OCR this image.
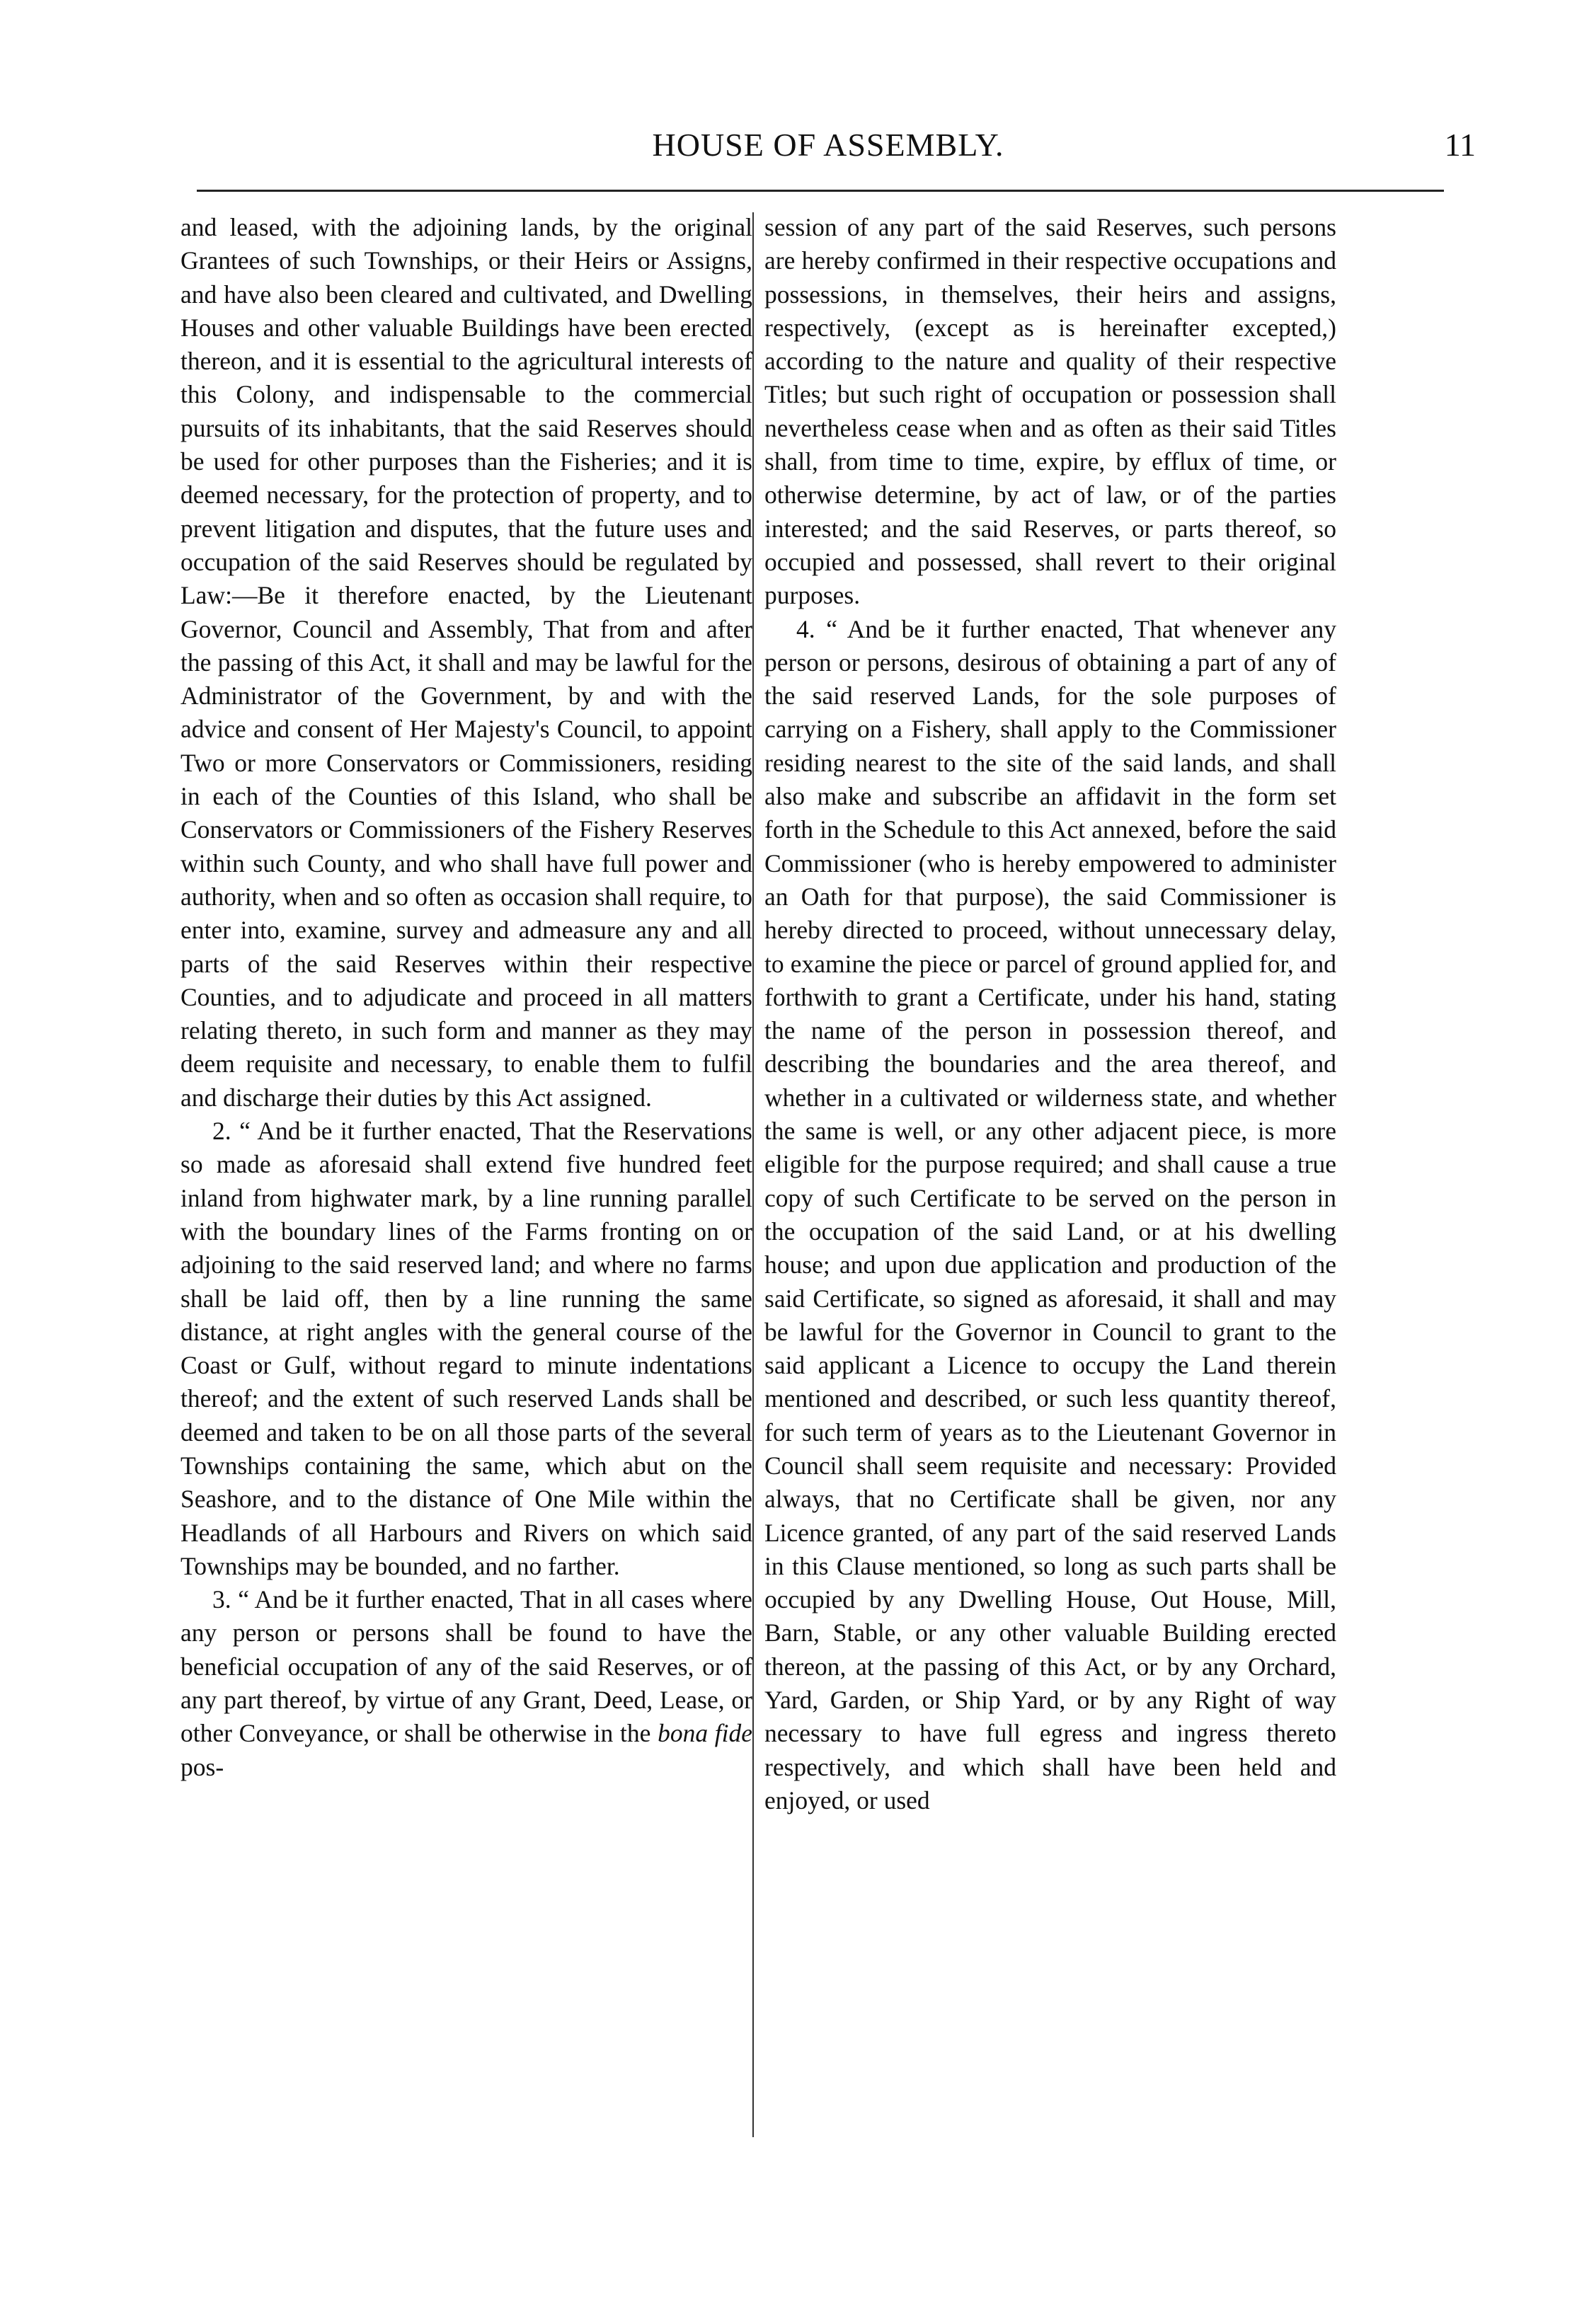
HOUSE OF ASSEMBLY.	11

and leased, with the adjoining lands, by the original Grantees of such Townships, or their Heirs or Assigns, and have also been cleared and cultivated, and Dwelling Houses and other valuable Buildings have been erected thereon, and it is essential to the agricultural interests of this Colony, and indispensable to the commercial pursuits of its inhabitants, that the said Reserves should be used for other purposes than the Fisheries; and it is deemed necessary, for the protection of property, and to prevent litigation and disputes, that the future uses and occupation of the said Reserves should be regulated by Law:—Be it therefore enacted, by the Lieutenant Governor, Council and Assembly, That from and after the passing of this Act, it shall and may be lawful for the Administrator of the Government, by and with the advice and consent of Her Majesty's Council, to appoint Two or more Conservators or Commissioners, residing in each of the Counties of this Island, who shall be Conservators or Commissioners of the Fishery Reserves within such County, and who shall have full power and authority, when and so often as occasion shall require, to enter into, examine, survey and admeasure any and all parts of the said Reserves within their respective Counties, and to adjudicate and proceed in all matters relating thereto, in such form and manner as they may deem requisite and necessary, to enable them to fulfil and discharge their duties by this Act assigned.

2. “ And be it further enacted, That the Reservations so made as aforesaid shall extend five hundred feet inland from highwater mark, by a line running parallel with the boundary lines of the Farms fronting on or adjoining to the said reserved land; and where no farms shall be laid off, then by a line running the same distance, at right angles with the general course of the Coast or Gulf, without regard to minute indentations thereof; and the extent of such reserved Lands shall be deemed and taken to be on all those parts of the several Townships containing the same, which abut on the Seashore, and to the distance of One Mile within the Headlands of all Harbours and Rivers on which said Townships may be bounded, and no farther.

3. “ And be it further enacted, That in all cases where any person or persons shall be found to have the beneficial occupation of any of the said Reserves, or of any part thereof, by virtue of any Grant, Deed, Lease, or other Conveyance, or shall be otherwise in the bona fide pos-

session of any part of the said Reserves, such persons are hereby confirmed in their respective occupations and possessions, in themselves, their heirs and assigns, respectively, (except as is hereinafter excepted,) according to the nature and quality of their respective Titles; but such right of occupation or possession shall nevertheless cease when and as often as their said Titles shall, from time to time, expire, by efflux of time, or otherwise determine, by act of law, or of the parties interested; and the said Reserves, or parts thereof, so occupied and possessed, shall revert to their original purposes.

4. “ And be it further enacted, That whenever any person or persons, desirous of obtaining a part of any of the said reserved Lands, for the sole purposes of carrying on a Fishery, shall apply to the Commissioner residing nearest to the site of the said lands, and shall also make and subscribe an affidavit in the form set forth in the Schedule to this Act annexed, before the said Commissioner (who is hereby empowered to administer an Oath for that purpose), the said Commissioner is hereby directed to proceed, without unnecessary delay, to examine the piece or parcel of ground applied for, and forthwith to grant a Certificate, under his hand, stating the name of the person in possession thereof, and describing the boundaries and the area thereof, and whether in a cultivated or wilderness state, and whether the same is well, or any other adjacent piece, is more eligible for the purpose required; and shall cause a true copy of such Certificate to be served on the person in the occupation of the said Land, or at his dwelling house; and upon due application and production of the said Certificate, so signed as aforesaid, it shall and may be lawful for the Governor in Council to grant to the said applicant a Licence to occupy the Land therein mentioned and described, or such less quantity thereof, for such term of years as to the Lieutenant Governor in Council shall seem requisite and necessary: Provided always, that no Certificate shall be given, nor any Licence granted, of any part of the said reserved Lands in this Clause mentioned, so long as such parts shall be occupied by any Dwelling House, Out House, Mill, Barn, Stable, or any other valuable Building erected thereon, at the passing of this Act, or by any Orchard, Yard, Garden, or Ship Yard, or by any Right of way necessary to have full egress and ingress thereto respectively, and which shall have been held and enjoyed, or used
